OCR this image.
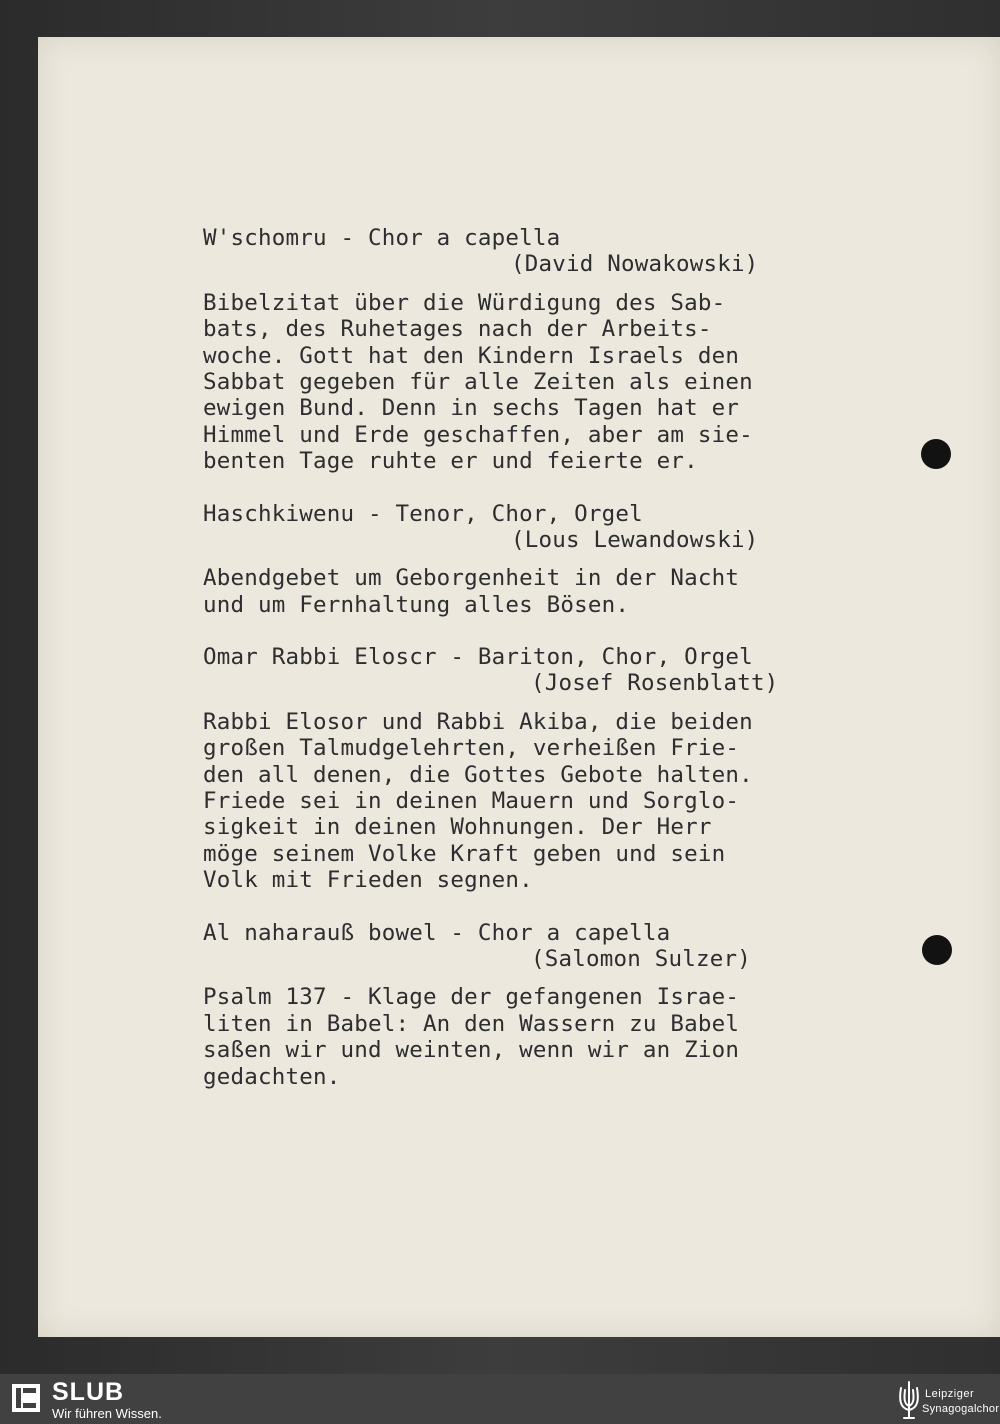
W'schomru - Chor a capella
(David Nowakowski)
Bibelzitat über die Würdigung des Sab-
bats, des Ruhetages nach der Arbeits-
woche. Gott hat den Kindern Israels den
Sabbat gegeben für alle Zeiten als einen
ewigen Bund. Denn in sechs Tagen hat er
Himmel und Erde geschaffen, aber am sie-
benten Tage ruhte er und feierte er.
Haschkiwenu - Tenor, Chor, Orgel
(Lous Lewandowski)
Abendgebet um Geborgenheit in der Nacht
und um Fernhaltung alles Bösen.
Omar Rabbi Eloscr - Bariton, Chor, Orgel
(Josef Rosenblatt)
Rabbi Elosor und Rabbi Akiba, die beiden
großen Talmudgelehrten, verheißen Frie-
den all denen, die Gottes Gebote halten.
Friede sei in deinen Mauern und Sorglo-
sigkeit in deinen Wohnungen. Der Herr
möge seinem Volke Kraft geben und sein
Volk mit Frieden segnen.
Al naharauß bowel - Chor a capella
(Salomon Sulzer)
Psalm 137 - Klage der gefangenen Israe-
liten in Babel: An den Wassern zu Babel
saßen wir und weinten, wenn wir an Zion
gedachten.
SLUB
Wir führen Wissen.
Leipziger
Synagogalchor
